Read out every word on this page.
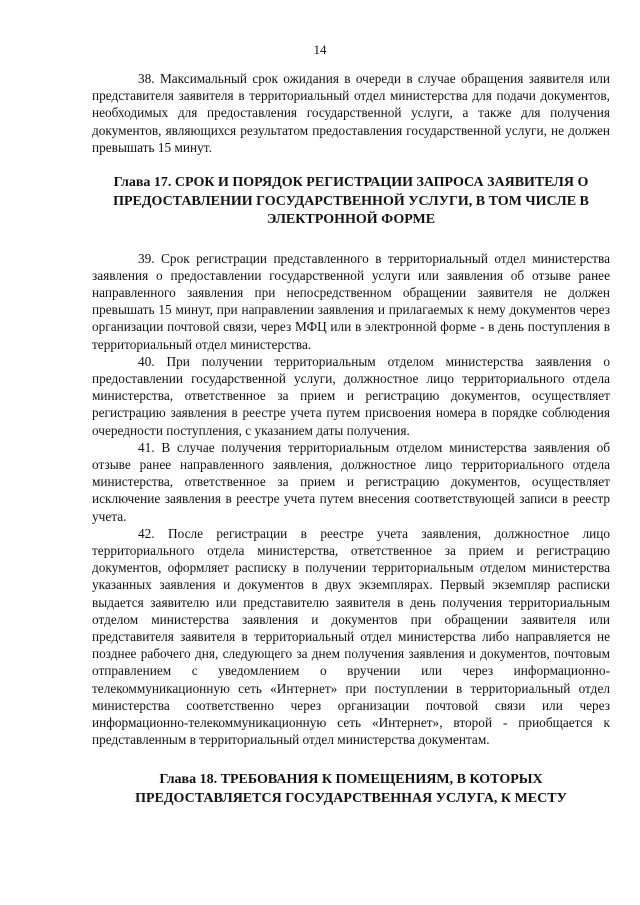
14

38. Максимальный срок ожидания в очереди в случае обращения заявителя или представителя заявителя в территориальный отдел министерства для подачи документов, необходимых для предоставления государственной услуги, а также для получения документов, являющихся результатом предоставления государственной услуги, не должен превышать 15 минут.

Глава 17. СРОК И ПОРЯДОК РЕГИСТРАЦИИ ЗАПРОСА ЗАЯВИТЕЛЯ О ПРЕДОСТАВЛЕНИИ ГОСУДАРСТВЕННОЙ УСЛУГИ, В ТОМ ЧИСЛЕ В ЭЛЕКТРОННОЙ ФОРМЕ

39. Срок регистрации представленного в территориальный отдел министерства заявления о предоставлении государственной услуги или заявления об отзыве ранее направленного заявления при непосредственном обращении заявителя не должен превышать 15 минут, при направлении заявления и прилагаемых к нему документов через организации почтовой связи, через МФЦ или в электронной форме - в день поступления в территориальный отдел министерства.

40. При получении территориальным отделом министерства заявления о предоставлении государственной услуги, должностное лицо территориального отдела министерства, ответственное за прием и регистрацию документов, осуществляет регистрацию заявления в реестре учета путем присвоения номера в порядке соблюдения очередности поступления, с указанием даты получения.

41. В случае получения территориальным отделом министерства заявления об отзыве ранее направленного заявления, должностное лицо территориального отдела министерства, ответственное за прием и регистрацию документов, осуществляет исключение заявления в реестре учета путем внесения соответствующей записи в реестр учета.

42. После регистрации в реестре учета заявления, должностное лицо территориального отдела министерства, ответственное за прием и регистрацию документов, оформляет расписку в получении территориальным отделом министерства указанных заявления и документов в двух экземплярах. Первый экземпляр расписки выдается заявителю или представителю заявителя в день получения территориальным отделом министерства заявления и документов при обращении заявителя или представителя заявителя в территориальный отдел министерства либо направляется не позднее рабочего дня, следующего за днем получения заявления и документов, почтовым отправлением с уведомлением о вручении или через информационно-телекоммуникационную сеть «Интернет» при поступлении в территориальный отдел министерства соответственно через организации почтовой связи или через информационно-телекоммуникационную сеть «Интернет», второй - приобщается к представленным в территориальный отдел министерства документам.

Глава 18. ТРЕБОВАНИЯ К ПОМЕЩЕНИЯМ, В КОТОРЫХ ПРЕДОСТАВЛЯЕТСЯ ГОСУДАРСТВЕННАЯ УСЛУГА, К МЕСТУ
